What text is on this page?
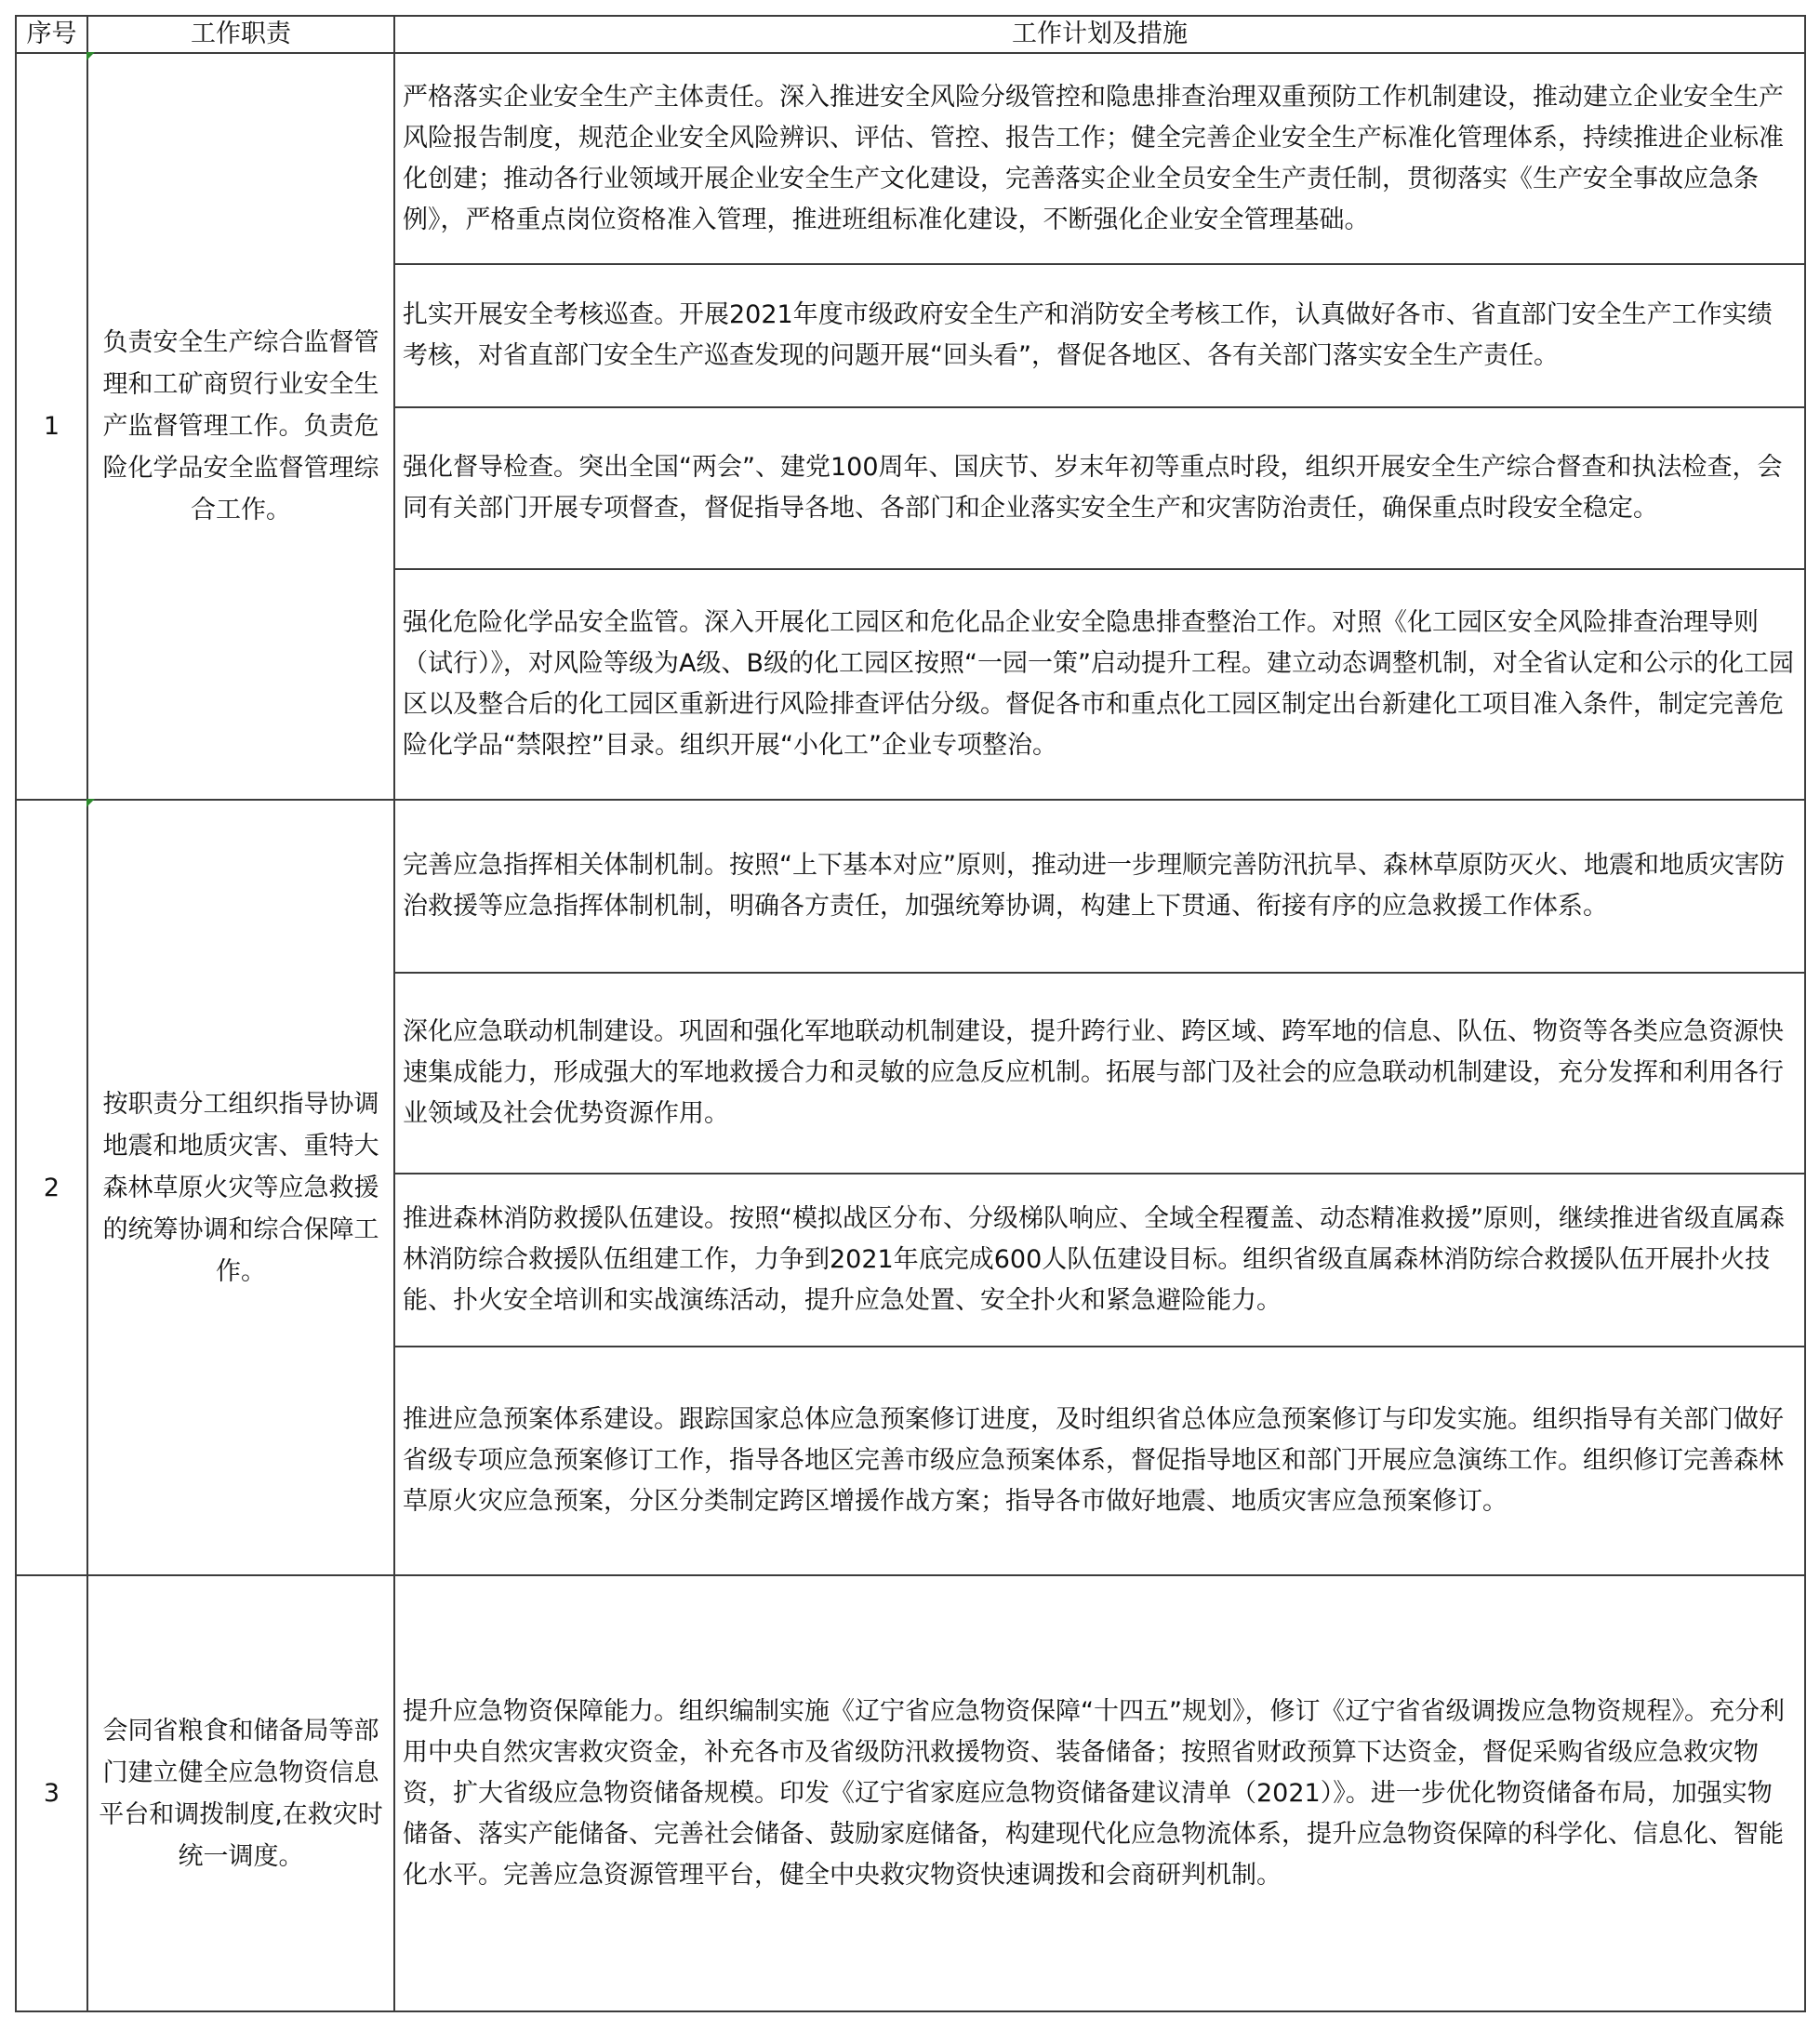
序号	工作职责	工作计划及措施
1	负责安全生产综合监督管理和工矿商贸行业安全生产监督管理工作。负责危险化学品安全监督管理综合工作。	严格落实企业安全生产主体责任。深入推进安全风险分级管控和隐患排查治理双重预防工作机制建设，推动建立企业安全生产风险报告制度，规范企业安全风险辨识、评估、管控、报告工作；健全完善企业安全生产标准化管理体系，持续推进企业标准化创建；推动各行业领域开展企业安全生产文化建设，完善落实企业全员安全生产责任制，贯彻落实《生产安全事故应急条例》，严格重点岗位资格准入管理，推进班组标准化建设，不断强化企业安全管理基础。
		扎实开展安全考核巡查。开展2021年度市级政府安全生产和消防安全考核工作，认真做好各市、省直部门安全生产工作实绩考核，对省直部门安全生产巡查发现的问题开展“回头看”，督促各地区、各有关部门落实安全生产责任。
		强化督导检查。突出全国“两会”、建党100周年、国庆节、岁末年初等重点时段，组织开展安全生产综合督查和执法检查，会同有关部门开展专项督查，督促指导各地、各部门和企业落实安全生产和灾害防治责任，确保重点时段安全稳定。
		强化危险化学品安全监管。深入开展化工园区和危化品企业安全隐患排查整治工作。对照《化工园区安全风险排查治理导则（试行）》，对风险等级为A级、B级的化工园区按照“一园一策”启动提升工程。建立动态调整机制，对全省认定和公示的化工园区以及整合后的化工园区重新进行风险排查评估分级。督促各市和重点化工园区制定出台新建化工项目准入条件，制定完善危险化学品“禁限控”目录。组织开展“小化工”企业专项整治。
2	按职责分工组织指导协调地震和地质灾害、重特大森林草原火灾等应急救援的统筹协调和综合保障工作。	完善应急指挥相关体制机制。按照“上下基本对应”原则，推动进一步理顺完善防汛抗旱、森林草原防灭火、地震和地质灾害防治救援等应急指挥体制机制，明确各方责任，加强统筹协调，构建上下贯通、衔接有序的应急救援工作体系。
		深化应急联动机制建设。巩固和强化军地联动机制建设，提升跨行业、跨区域、跨军地的信息、队伍、物资等各类应急资源快速集成能力，形成强大的军地救援合力和灵敏的应急反应机制。拓展与部门及社会的应急联动机制建设，充分发挥和利用各行业领域及社会优势资源作用。
		推进森林消防救援队伍建设。按照“模拟战区分布、分级梯队响应、全域全程覆盖、动态精准救援”原则，继续推进省级直属森林消防综合救援队伍组建工作，力争到2021年底完成600人队伍建设目标。组织省级直属森林消防综合救援队伍开展扑火技能、扑火安全培训和实战演练活动，提升应急处置、安全扑火和紧急避险能力。
		推进应急预案体系建设。跟踪国家总体应急预案修订进度，及时组织省总体应急预案修订与印发实施。组织指导有关部门做好省级专项应急预案修订工作，指导各地区完善市级应急预案体系，督促指导地区和部门开展应急演练工作。组织修订完善森林草原火灾应急预案，分区分类制定跨区增援作战方案；指导各市做好地震、地质灾害应急预案修订。
3	会同省粮食和储备局等部门建立健全应急物资信息平台和调拨制度,在救灾时统一调度。	提升应急物资保障能力。组织编制实施《辽宁省应急物资保障“十四五”规划》，修订《辽宁省省级调拨应急物资规程》。充分利用中央自然灾害救灾资金，补充各市及省级防汛救援物资、装备储备；按照省财政预算下达资金，督促采购省级应急救灾物资，扩大省级应急物资储备规模。印发《辽宁省家庭应急物资储备建议清单（2021）》。进一步优化物资储备布局，加强实物储备、落实产能储备、完善社会储备、鼓励家庭储备，构建现代化应急物流体系，提升应急物资保障的科学化、信息化、智能化水平。完善应急资源管理平台，健全中央救灾物资快速调拨和会商研判机制。
